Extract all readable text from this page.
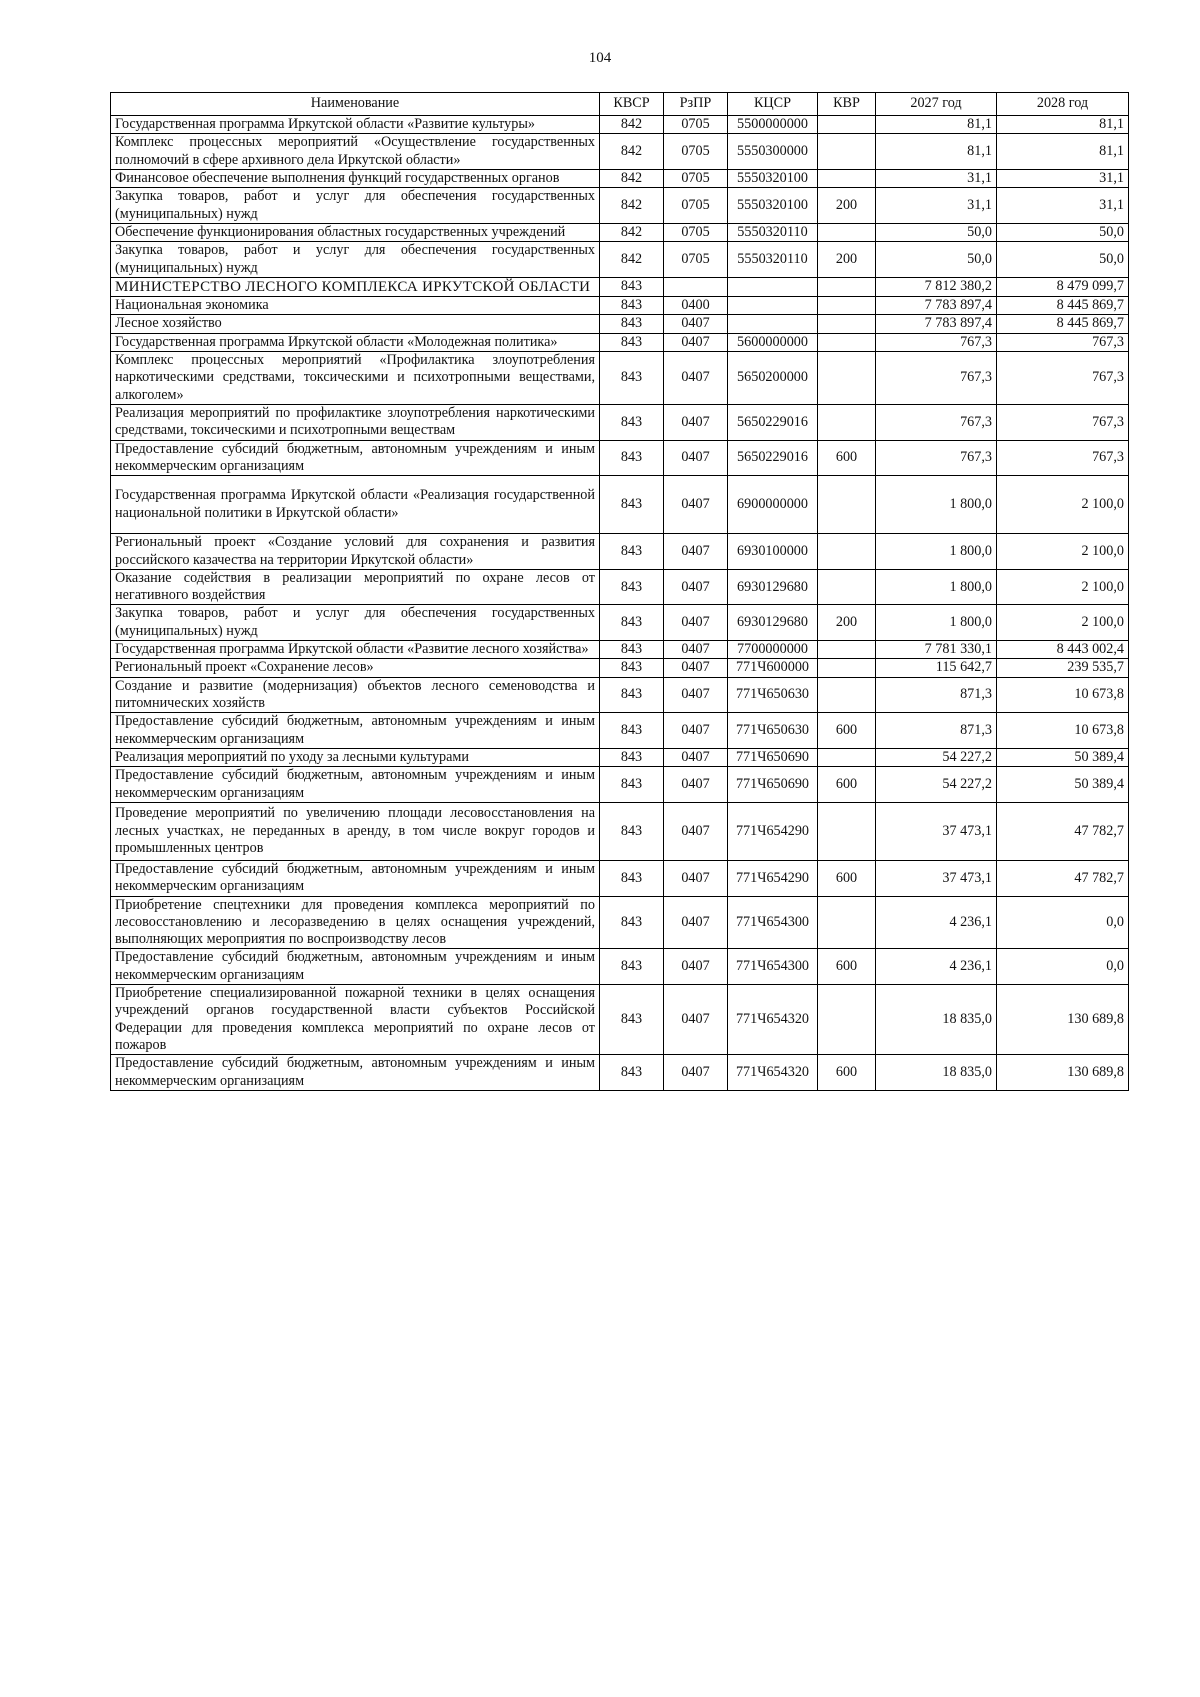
104
Наименование	КВСР	РзПР	КЦСР	КВР	2027 год	2028 год
Государственная программа Иркутской области «Развитие культуры»	842	0705	5500000000		81,1	81,1
Комплекс процессных мероприятий «Осуществление государственных полномочий в сфере архивного дела Иркутской области»	842	0705	5550300000		81,1	81,1
Финансовое обеспечение выполнения функций государственных органов	842	0705	5550320100		31,1	31,1
Закупка товаров, работ и услуг для обеспечения государственных (муниципальных) нужд	842	0705	5550320100	200	31,1	31,1
Обеспечение функционирования областных государственных учреждений	842	0705	5550320110		50,0	50,0
Закупка товаров, работ и услуг для обеспечения государственных (муниципальных) нужд	842	0705	5550320110	200	50,0	50,0
МИНИСТЕРСТВО ЛЕСНОГО КОМПЛЕКСА ИРКУТСКОЙ ОБЛАСТИ	843				7 812 380,2	8 479 099,7
Национальная экономика	843	0400			7 783 897,4	8 445 869,7
Лесное хозяйство	843	0407			7 783 897,4	8 445 869,7
Государственная программа Иркутской области «Молодежная политика»	843	0407	5600000000		767,3	767,3
Комплекс процессных мероприятий «Профилактика злоупотребления наркотическими средствами, токсическими и психотропными веществами, алкоголем»	843	0407	5650200000		767,3	767,3
Реализация мероприятий по профилактике злоупотребления наркотическими средствами, токсическими и психотропными веществам	843	0407	5650229016		767,3	767,3
Предоставление субсидий бюджетным, автономным учреждениям и иным некоммерческим организациям	843	0407	5650229016	600	767,3	767,3
Государственная программа Иркутской области «Реализация государственной национальной политики в Иркутской области»	843	0407	6900000000		1 800,0	2 100,0
Региональный проект «Создание условий для сохранения и развития российского казачества на территории Иркутской области»	843	0407	6930100000		1 800,0	2 100,0
Оказание содействия в реализации мероприятий по охране лесов от негативного воздействия	843	0407	6930129680		1 800,0	2 100,0
Закупка товаров, работ и услуг для обеспечения государственных (муниципальных) нужд	843	0407	6930129680	200	1 800,0	2 100,0
Государственная программа Иркутской области «Развитие лесного хозяйства»	843	0407	7700000000		7 781 330,1	8 443 002,4
Региональный проект «Сохранение лесов»	843	0407	771Ч600000		115 642,7	239 535,7
Создание и развитие (модернизация) объектов лесного семеноводства и питомнических хозяйств	843	0407	771Ч650630		871,3	10 673,8
Предоставление субсидий бюджетным, автономным учреждениям и иным некоммерческим организациям	843	0407	771Ч650630	600	871,3	10 673,8
Реализация мероприятий по уходу за лесными культурами	843	0407	771Ч650690		54 227,2	50 389,4
Предоставление субсидий бюджетным, автономным учреждениям и иным некоммерческим организациям	843	0407	771Ч650690	600	54 227,2	50 389,4
Проведение мероприятий по увеличению площади лесовосстановления на лесных участках, не переданных в аренду, в том числе вокруг городов и промышленных центров	843	0407	771Ч654290		37 473,1	47 782,7
Предоставление субсидий бюджетным, автономным учреждениям и иным некоммерческим организациям	843	0407	771Ч654290	600	37 473,1	47 782,7
Приобретение спецтехники для проведения комплекса мероприятий по лесовосстановлению и лесоразведению в целях оснащения учреждений, выполняющих мероприятия по воспроизводству лесов	843	0407	771Ч654300		4 236,1	0,0
Предоставление субсидий бюджетным, автономным учреждениям и иным некоммерческим организациям	843	0407	771Ч654300	600	4 236,1	0,0
Приобретение специализированной пожарной техники в целях оснащения учреждений органов государственной власти субъектов Российской Федерации для проведения комплекса мероприятий по охране лесов от пожаров	843	0407	771Ч654320		18 835,0	130 689,8
Предоставление субсидий бюджетным, автономным учреждениям и иным некоммерческим организациям	843	0407	771Ч654320	600	18 835,0	130 689,8
